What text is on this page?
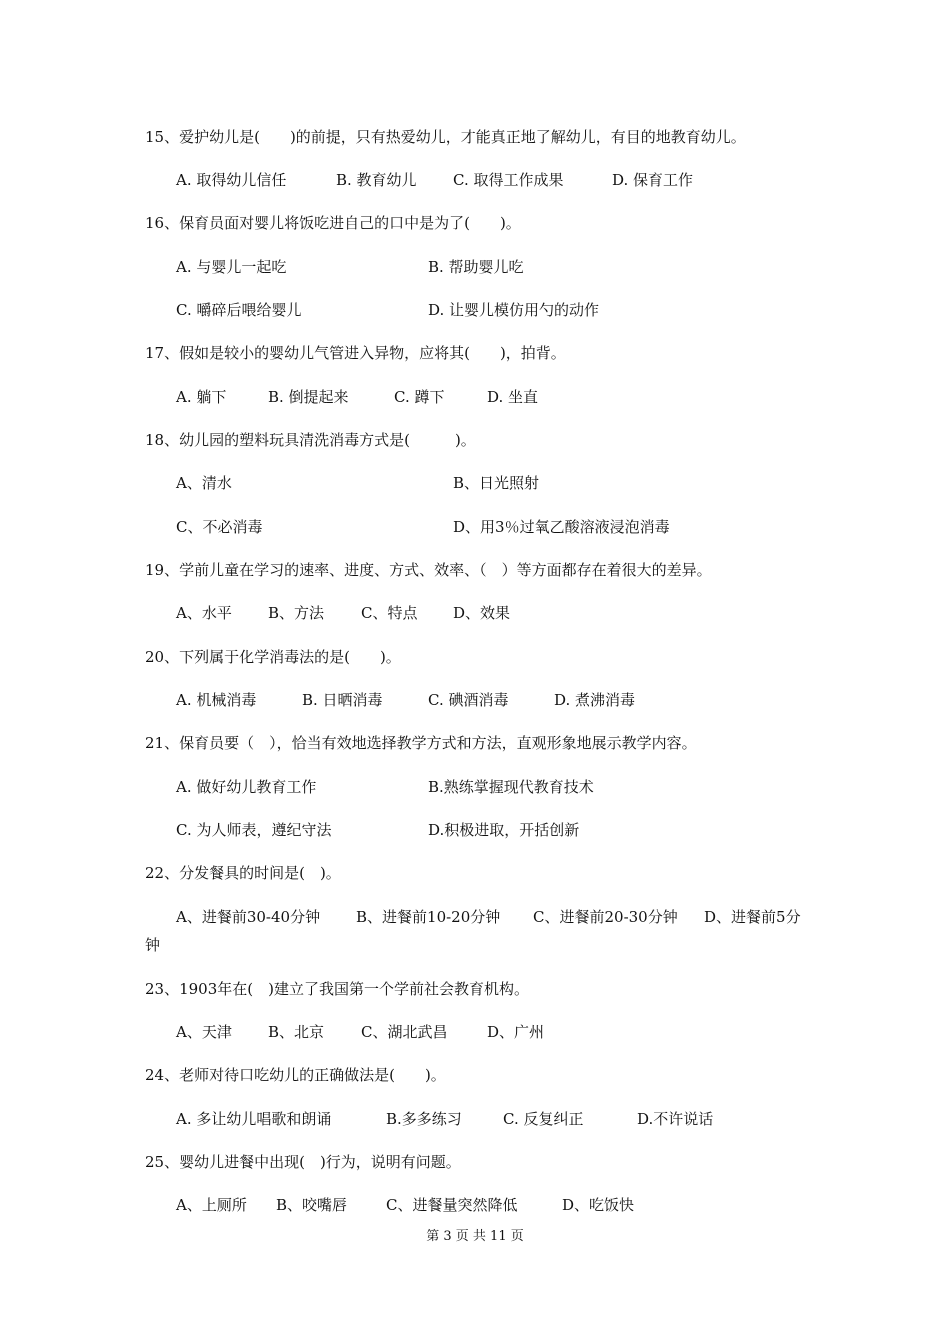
15、爱护幼儿是(　　)的前提，只有热爱幼儿，才能真正地了解幼儿，有目的地教育幼儿。
A. 取得幼儿信任	B. 教育幼儿 C. 取得工作成果	D. 保育工作
16、保育员面对婴儿将饭吃进自己的口中是为了(　　)。
A. 与婴儿一起吃	B. 帮助婴儿吃
C. 嚼碎后喂给婴儿	D. 让婴儿模仿用勺的动作
17、假如是较小的婴幼儿气管进入异物，应将其(　　)，拍背。
A. 躺下	B. 倒提起来	C. 蹲下	D. 坐直
18、幼儿园的塑料玩具清洗消毒方式是(　　　)。
A、清水	B、日光照射
C、不必消毒	D、用3％过氧乙酸溶液浸泡消毒
19、学前儿童在学习的速率、进度、方式、效率、（　）等方面都存在着很大的差异。
A、水平 B、方法 C、特点 D、效果
20、下列属于化学消毒法的是(　　)。
A. 机械消毒	B. 日晒消毒	C. 碘酒消毒	D. 煮沸消毒
21、保育员要（　），恰当有效地选择教学方式和方法，直观形象地展示教学内容。
A. 做好幼儿教育工作	B.熟练掌握现代教育技术
C. 为人师表，遵纪守法	D.积极进取，开括创新
22、分发餐具的时间是(　)。
A、进餐前30-40分钟 B、进餐前10-20分钟 C、进餐前20-30分钟 D、进餐前5分
钟
23、1903年在(　)建立了我国第一个学前社会教育机构。
A、天津 B、北京 C、湖北武昌	D、广州
24、老师对待口吃幼儿的正确做法是(　　)。
A. 多让幼儿唱歌和朗诵	B.多多练习	C. 反复纠正	D.不许说话
25、婴幼儿进餐中出现(　)行为，说明有问题。
A、上厕所 B、咬嘴唇	C、进餐量突然降低	D、吃饭快
第 3 页 共 11 页
